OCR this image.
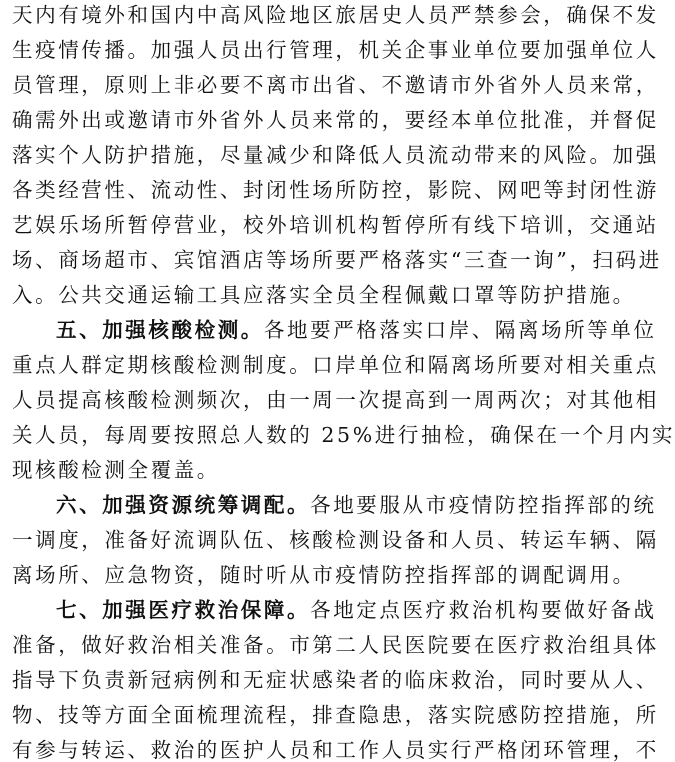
天内有境外和国内中高风险地区旅居史人员严禁参会，确保不发
生疫情传播。加强人员出行管理，机关企事业单位要加强单位人
员管理，原则上非必要不离市出省、不邀请市外省外人员来常，
确需外出或邀请市外省外人员来常的，要经本单位批准，并督促
落实个人防护措施，尽量减少和降低人员流动带来的风险。加强
各类经营性、流动性、封闭性场所防控，影院、网吧等封闭性游
艺娱乐场所暂停营业，校外培训机构暂停所有线下培训，交通站
场、商场超市、宾馆酒店等场所要严格落实“三查一询”，扫码进
入。公共交通运输工具应落实全员全程佩戴口罩等防护措施。
五、加强核酸检测。各地要严格落实口岸、隔离场所等单位
重点人群定期核酸检测制度。口岸单位和隔离场所要对相关重点
人员提高核酸检测频次，由一周一次提高到一周两次；对其他相
关人员，每周要按照总人数的 25%进行抽检，确保在一个月内实
现核酸检测全覆盖。
六、加强资源统筹调配。各地要服从市疫情防控指挥部的统
一调度，准备好流调队伍、核酸检测设备和人员、转运车辆、隔
离场所、应急物资，随时听从市疫情防控指挥部的调配调用。
七、加强医疗救治保障。各地定点医疗救治机构要做好备战
准备，做好救治相关准备。市第二人民医院要在医疗救治组具体
指导下负责新冠病例和无症状感染者的临床救治，同时要从人、
物、技等方面全面梳理流程，排查隐患，落实院感防控措施，所
有参与转运、救治的医护人员和工作人员实行严格闭环管理，不
